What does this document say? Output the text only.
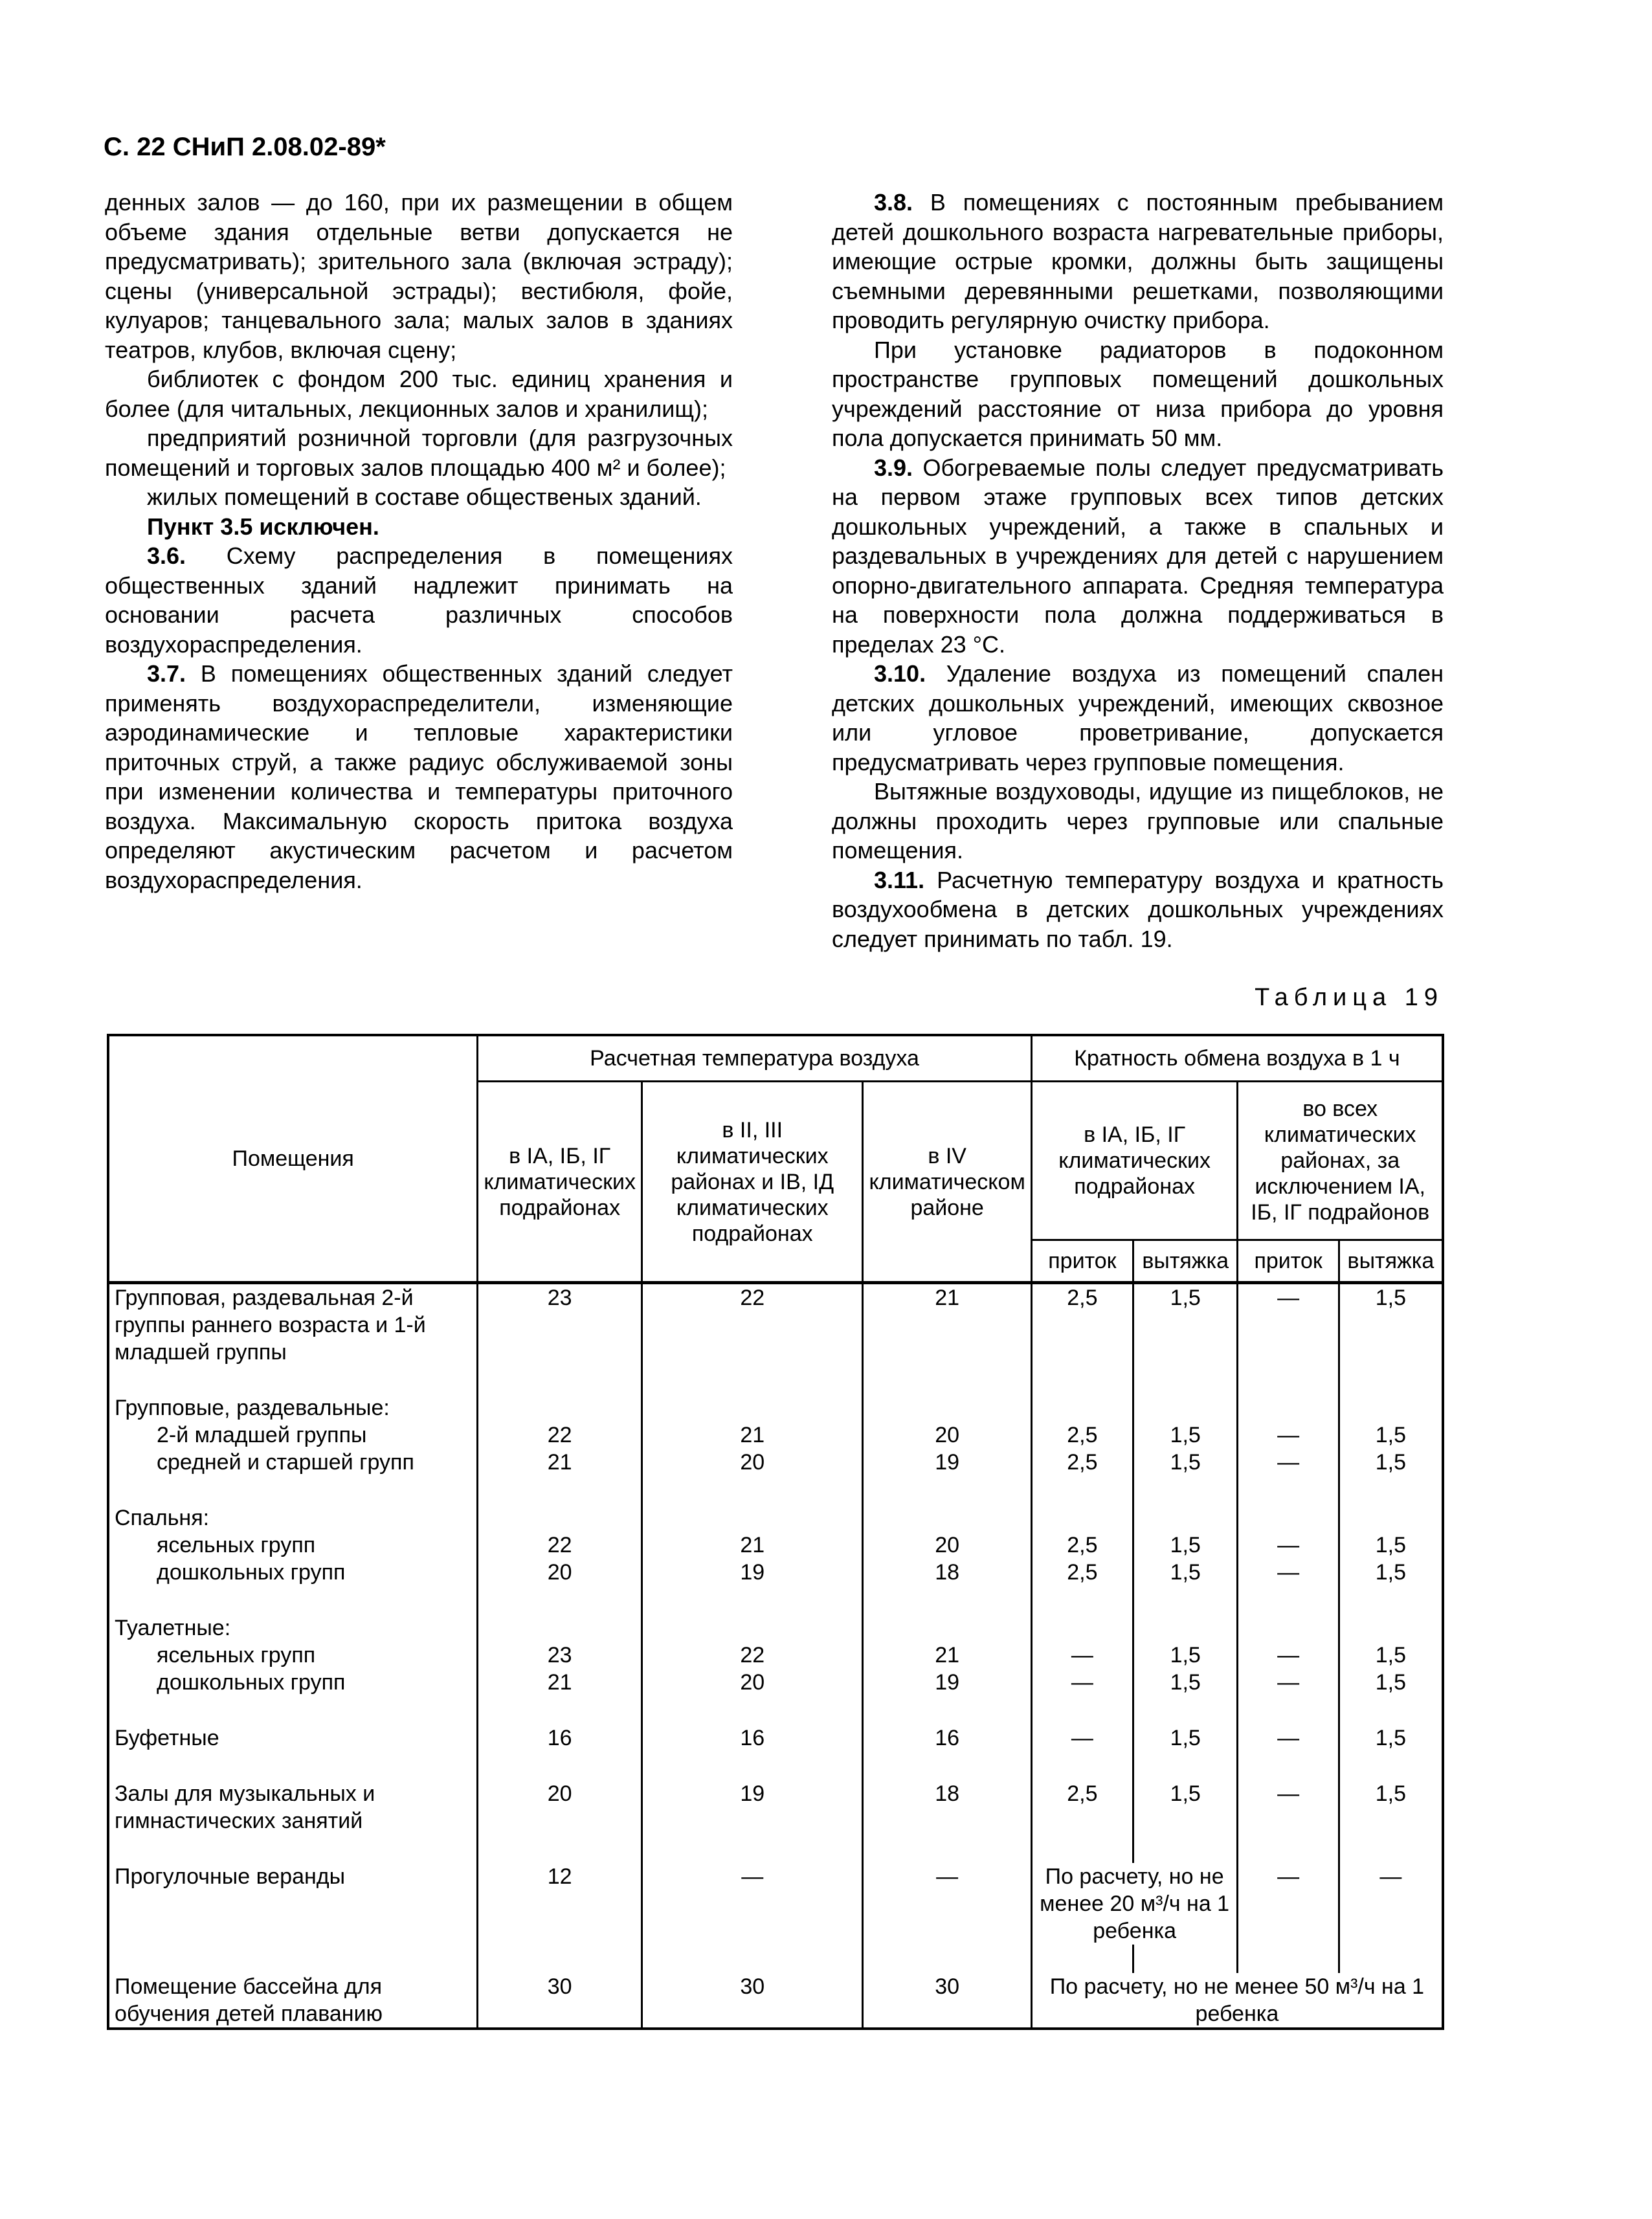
С. 22 СНиП 2.08.02-89*

денных залов — до 160, при их размещении в общем объеме здания отдельные ветви допускается не предусматривать); зрительного зала (включая эстраду); сцены (универсальной эстрады); вестибюля, фойе, кулуаров; танцевального зала; малых залов в зданиях театров, клубов, включая сцену;

библиотек с фондом 200 тыс. единиц хранения и более (для читальных, лекционных залов и хранилищ);

предприятий розничной торговли (для разгрузочных помещений и торговых залов площадью 400 м² и более);

жилых помещений в составе общественых зданий.

Пункт 3.5 исключен.

3.6. Схему распределения в помещениях общественных зданий надлежит принимать на основании расчета различных способов воздухораспределения.

3.7. В помещениях общественных зданий следует применять воздухораспределители, изменяющие аэродинамические и тепловые характеристики приточных струй, а также радиус обслуживаемой зоны при изменении количества и температуры приточного воздуха. Максимальную скорость притока воздуха определяют акустическим расчетом и расчетом воздухораспределения.

3.8. В помещениях с постоянным пребыванием детей дошкольного возраста нагревательные приборы, имеющие острые кромки, должны быть защищены съемными деревянными решетками, позволяющими проводить регулярную очистку прибора.

При установке радиаторов в подоконном пространстве групповых помещений дошкольных учреждений расстояние от низа прибора до уровня пола допускается принимать 50 мм.

3.9. Обогреваемые полы следует предусматривать на первом этаже групповых всех типов детских дошкольных учреждений, а также в спальных и раздевальных в учреждениях для детей с нарушением опорно-двигательного аппарата. Средняя температура на поверхности пола должна поддерживаться в пределах 23 °С.

3.10. Удаление воздуха из помещений спален детских дошкольных учреждений, имеющих сквозное или угловое проветривание, допускается предусматривать через групповые помещения.

Вытяжные воздуховоды, идущие из пищеблоков, не должны проходить через групповые или спальные помещения.

3.11. Расчетную температуру воздуха и кратность воздухообмена в детских дошкольных учреждениях следует принимать по табл. 19.

Таблица 19
Помещения	Расчетная температура воздуха			Кратность обмена воздуха в 1 ч			
	в IА, IБ, IГ климатических подрайонах	в II, III климатических районах и IВ, IД климатических подрайонах	в IV климатическом районе	в IА, IБ, IГ климатических подрайонах		во всех климатических районах, за исключением IА, IБ, IГ подрайонов	
				приток	вытяжка	приток	вытяжка

Групповая, раздевальная 2-й группы раннего возраста и 1-й младшей группы	23	22	21	2,5	1,5	—	1,5

Групповые, раздевальные:							

2-й младшей группы	22	21	20	2,5	1,5	—	1,5

средней и старшей групп	21	20	19	2,5	1,5	—	1,5

Спальня:							

ясельных групп	22	21	20	2,5	1,5	—	1,5

дошкольных групп	20	19	18	2,5	1,5	—	1,5

Туалетные:							

ясельных групп	23	22	21	—	1,5	—	1,5

дошкольных групп	21	20	19	—	1,5	—	1,5

Буфетные	16	16	16	—	1,5	—	1,5

Залы для музыкальных и гимнастических занятий	20	19	18	2,5	1,5	—	1,5

Прогулочные веранды	12	—	—	По расчету, но не менее 20 м³/ч на 1 ребенка		—	—

Помещение бассейна для обучения детей плаванию	30	30	30	По расчету, но не менее 50 м³/ч на 1 ребенка			
